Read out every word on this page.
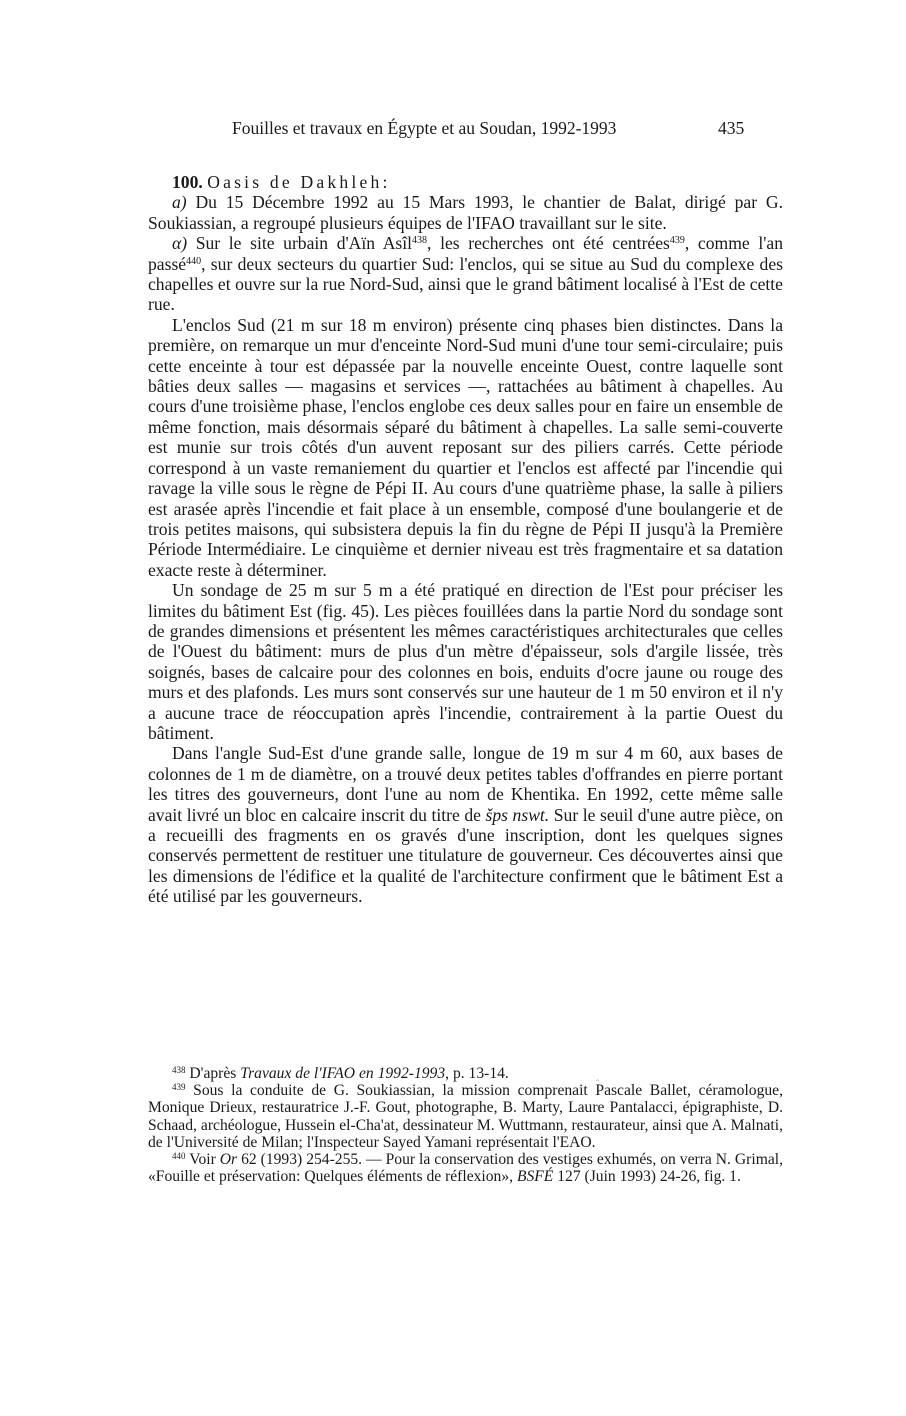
Fouilles et travaux en Égypte et au Soudan, 1992-1993	435

100. Oasis de Dakhleh:

a) Du 15 Décembre 1992 au 15 Mars 1993, le chantier de Balat, dirigé par G. Soukiassian, a regroupé plusieurs équipes de l'IFAO travaillant sur le site.

α) Sur le site urbain d'Aïn Asîl$^{438}$, les recherches ont été centrées$^{439}$, comme l'an passé$^{440}$, sur deux secteurs du quartier Sud: l'enclos, qui se situe au Sud du complexe des chapelles et ouvre sur la rue Nord-Sud, ainsi que le grand bâtiment localisé à l'Est de cette rue.

L'enclos Sud (21 m sur 18 m environ) présente cinq phases bien distinctes. Dans la première, on remarque un mur d'enceinte Nord-Sud muni d'une tour semi-circulaire; puis cette enceinte à tour est dépassée par la nouvelle enceinte Ouest, contre laquelle sont bâties deux salles — magasins et services —, rattachées au bâtiment à chapelles. Au cours d'une troisième phase, l'enclos englobe ces deux salles pour en faire un ensemble de même fonction, mais désormais séparé du bâtiment à chapelles. La salle semi-couverte est munie sur trois côtés d'un auvent reposant sur des piliers carrés. Cette période correspond à un vaste remaniement du quartier et l'enclos est affecté par l'incendie qui ravage la ville sous le règne de Pépi II. Au cours d'une quatrième phase, la salle à piliers est arasée après l'incendie et fait place à un ensemble, composé d'une boulangerie et de trois petites maisons, qui subsistera depuis la fin du règne de Pépi II jusqu'à la Première Période Intermédiaire. Le cinquième et dernier niveau est très fragmentaire et sa datation exacte reste à déterminer.

Un sondage de 25 m sur 5 m a été pratiqué en direction de l'Est pour préciser les limites du bâtiment Est (fig. 45). Les pièces fouillées dans la partie Nord du sondage sont de grandes dimensions et présentent les mêmes caractéristiques architecturales que celles de l'Ouest du bâtiment: murs de plus d'un mètre d'épaisseur, sols d'argile lissée, très soignés, bases de calcaire pour des colonnes en bois, enduits d'ocre jaune ou rouge des murs et des plafonds. Les murs sont conservés sur une hauteur de 1 m 50 environ et il n'y a aucune trace de réoccupation après l'incendie, contrairement à la partie Ouest du bâtiment.

Dans l'angle Sud-Est d'une grande salle, longue de 19 m sur 4 m 60, aux bases de colonnes de 1 m de diamètre, on a trouvé deux petites tables d'offrandes en pierre portant les titres des gouverneurs, dont l'une au nom de Khentika. En 1992, cette même salle avait livré un bloc en calcaire inscrit du titre de šps nswt. Sur le seuil d'une autre pièce, on a recueilli des fragments en os gravés d'une inscription, dont les quelques signes conservés permettent de restituer une titulature de gouverneur. Ces découvertes ainsi que les dimensions de l'édifice et la qualité de l'architecture confirment que le bâtiment Est a été utilisé par les gouverneurs.

‸

$^{438}$ D'après Travaux de l'IFAO en 1992-1993, p. 13-14.

$^{439}$ Sous la conduite de G. Soukiassian, la mission comprenait Pascale Ballet, céramologue, Monique Drieux, restauratrice J.-F. Gout, photographe, B. Marty, Laure Pantalacci, épigraphiste, D. Schaad, archéologue, Hussein el-Cha'at, dessinateur M. Wuttmann, restaurateur, ainsi que A. Malnati, de l'Université de Milan; l'Inspecteur Sayed Yamani représentait l'EAO.

$^{440}$ Voir Or 62 (1993) 254-255. — Pour la conservation des vestiges exhumés, on verra N. Grimal, «Fouille et préservation: Quelques éléments de réflexion», BSFÉ 127 (Juin 1993) 24-26, fig. 1.
